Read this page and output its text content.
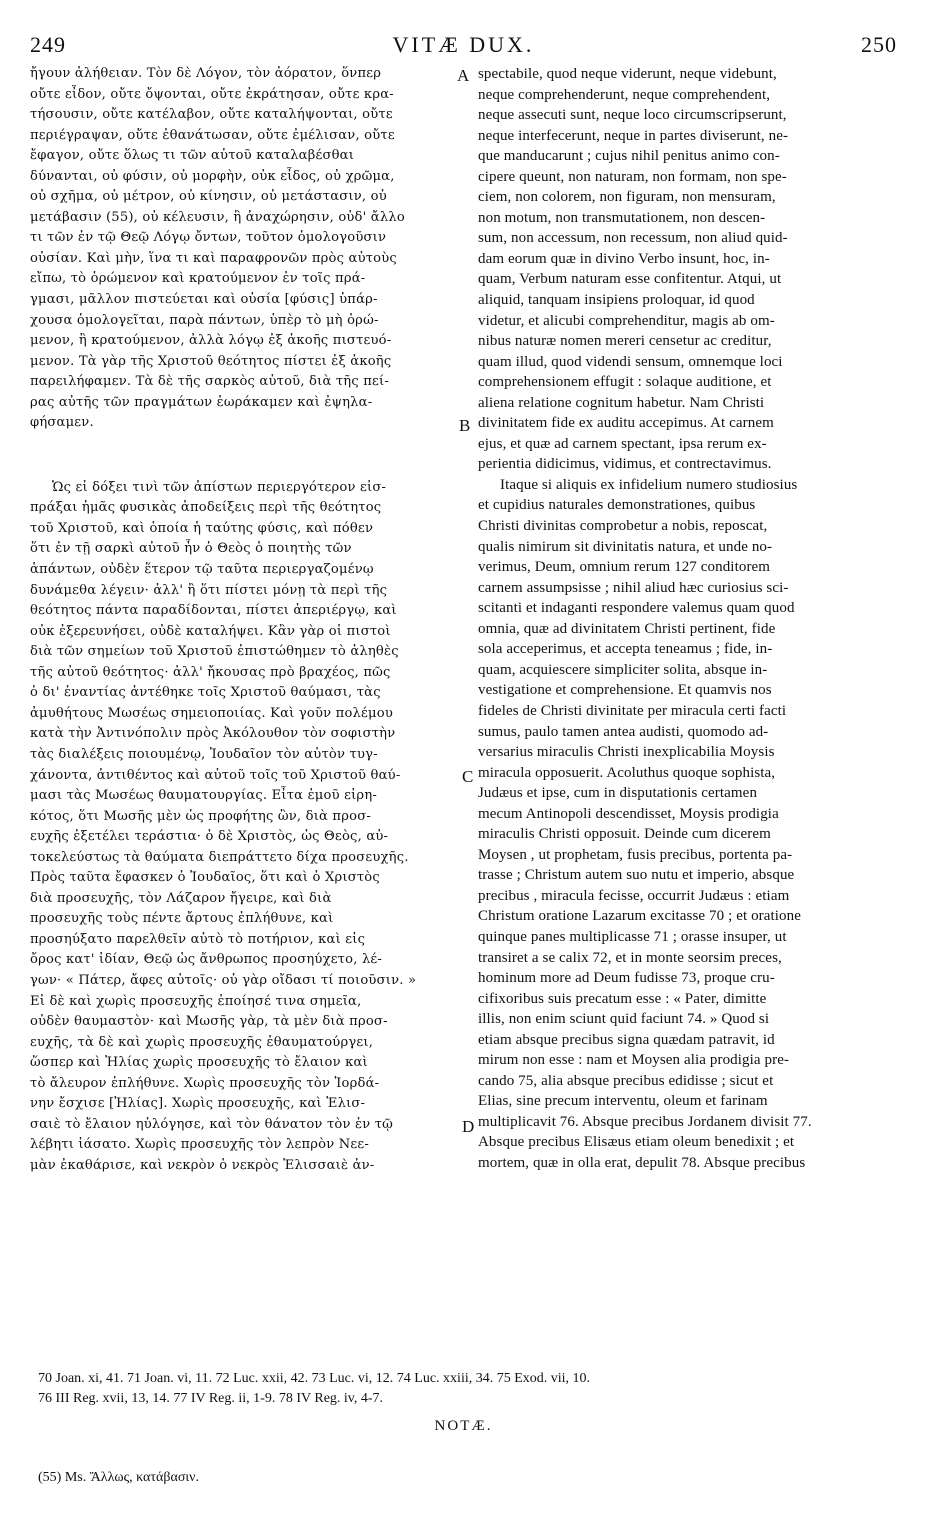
249	VITÆ DUX.	250
A
B
C
D
ἤγουν ἀλήθειαν. Τὸν δὲ Λόγον, τὸν ἀόρατον, ὅνπερ
οὔτε εἶδον, οὔτε ὄψονται, οὔτε ἐκράτησαν, οὔτε κρα-
τήσουσιν, οὔτε κατέλαβον, οὔτε καταλήψονται, οὔτε
περιέγραψαν, οὔτε ἐθανάτωσαν, οὔτε ἐμέλισαν, οὔτε
ἔφαγον, οὔτε ὅλως τι τῶν αὐτοῦ καταλαβέσθαι
δύνανται, οὐ φύσιν, οὐ μορφὴν, οὐκ εἶδος, οὐ χρῶμα,
οὐ σχῆμα, οὐ μέτρον, οὐ κίνησιν, οὐ μετάστασιν, οὐ
μετάβασιν (55), οὐ κέλευσιν, ἢ ἀναχώρησιν, οὐδ' ἄλλο
τι τῶν ἐν τῷ Θεῷ Λόγῳ ὄντων, τοῦτον ὁμολογοῦσιν
οὐσίαν. Καὶ μὴν, ἵνα τι καὶ παραφρονῶν πρὸς αὐτοὺς
εἴπω, τὸ ὁρώμενον καὶ κρατούμενον ἐν τοῖς πρά-
γμασι, μᾶλλον πιστεύεται καὶ οὐσία [φύσις] ὑπάρ-
χουσα ὁμολογεῖται, παρὰ πάντων, ὑπὲρ τὸ μὴ ὁρώ-
μενον, ἢ κρατούμενον, ἀλλὰ λόγῳ ἐξ ἀκοῆς πιστευό-
μενον. Τὰ γὰρ τῆς Χριστοῦ θεότητος πίστει ἐξ ἀκοῆς
παρειλήφαμεν. Τὰ δὲ τῆς σαρκὸς αὐτοῦ, διὰ τῆς πεί-
ρας αὐτῆς τῶν πραγμάτων ἑωράκαμεν καὶ ἐψηλα-
φήσαμεν.
Ὡς εἰ δόξει τινὶ τῶν ἀπίστων περιεργότερον εἰσ-
πράξαι ἡμᾶς φυσικὰς ἀποδείξεις περὶ τῆς θεότητος
τοῦ Χριστοῦ, καὶ ὁποία ἡ ταύτης φύσις, καὶ πόθεν
ὅτι ἐν τῇ σαρκὶ αὐτοῦ ἦν ὁ Θεὸς ὁ ποιητὴς τῶν
ἁπάντων, οὐδὲν ἕτερον τῷ ταῦτα περιεργαζομένῳ
δυνάμεθα λέγειν· ἀλλ' ἢ ὅτι πίστει μόνῃ τὰ περὶ τῆς
θεότητος πάντα παραδίδονται, πίστει ἀπεριέργῳ, καὶ
οὐκ ἐξερευνήσει, οὐδὲ καταλήψει. Κἂν γὰρ οἱ πιστοὶ
διὰ τῶν σημείων τοῦ Χριστοῦ ἐπιστώθημεν τὸ ἀληθὲς
τῆς αὐτοῦ θεότητος· ἀλλ' ἤκουσας πρὸ βραχέος, πῶς
ὁ δι' ἐναντίας ἀντέθηκε τοῖς Χριστοῦ θαύμασι, τὰς
ἀμυθήτους Μωσέως σημειοποιίας. Καὶ γοῦν πολέμου
κατὰ τὴν Ἀντινόπολιν πρὸς Ἀκόλουθον τὸν σοφιστὴν
τὰς διαλέξεις ποιουμένῳ, Ἰουδαῖον τὸν αὐτὸν τυγ-
χάνοντα, ἀντιθέντος καὶ αὐτοῦ τοῖς τοῦ Χριστοῦ θαύ-
μασι τὰς Μωσέως θαυματουργίας. Εἶτα ἐμοῦ εἰρη-
κότος, ὅτι Μωσῆς μὲν ὡς προφήτης ὢν, διὰ προσ-
ευχῆς ἐξετέλει τεράστια· ὁ δὲ Χριστὸς, ὡς Θεὸς, αὐ-
τοκελεύστως τὰ θαύματα διεπράττετο δίχα προσευχῆς.
Πρὸς ταῦτα ἔφασκεν ὁ Ἰουδαῖος, ὅτι καὶ ὁ Χριστὸς
διὰ προσευχῆς, τὸν Λάζαρον ἤγειρε, καὶ διὰ
προσευχῆς τοὺς πέντε ἄρτους ἐπλήθυνε, καὶ
προσηύξατο παρελθεῖν αὐτὸ τὸ ποτήριον, καὶ εἰς
ὄρος κατ' ἰδίαν, Θεῷ ὡς ἄνθρωπος προσηύχετο, λέ-
γων· « Πάτερ, ἄφες αὐτοῖς· οὐ γὰρ οἴδασι τί ποιοῦσιν. »
Εἰ δὲ καὶ χωρὶς προσευχῆς ἐποίησέ τινα σημεῖα,
οὐδὲν θαυμαστὸν· καὶ Μωσῆς γὰρ, τὰ μὲν διὰ προσ-
ευχῆς, τὰ δὲ καὶ χωρὶς προσευχῆς ἐθαυματούργει,
ὥσπερ καὶ Ἠλίας χωρὶς προσευχῆς τὸ ἔλαιον καὶ
τὸ ἄλευρον ἐπλήθυνε. Χωρὶς προσευχῆς τὸν Ἰορδά-
νην ἔσχισε [Ἠλίας]. Χωρὶς προσευχῆς, καὶ Ἐλισ-
σαιὲ τὸ ἔλαιον ηὐλόγησε, καὶ τὸν θάνατον τὸν ἐν τῷ
λέβητι ἰάσατο. Χωρὶς προσευχῆς τὸν λεπρὸν Νεε-
μὰν ἐκαθάρισε, καὶ νεκρὸν ὁ νεκρὸς Ἐλισσαιὲ ἀν-
spectabile, quod neque viderunt, neque videbunt,
neque comprehenderunt, neque comprehendent,
neque assecuti sunt, neque loco circumscripserunt,
neque interfecerunt, neque in partes diviserunt, ne-
que manducarunt ; cujus nihil penitus animo con-
cipere queunt, non naturam, non formam, non spe-
ciem, non colorem, non figuram, non mensuram,
non motum, non transmutationem, non descen-
sum, non accessum, non recessum, non aliud quid-
dam eorum quæ in divino Verbo insunt, hoc, in-
quam, Verbum naturam esse confitentur. Atqui, ut
aliquid, tanquam insipiens proloquar, id quod
videtur, et alicubi comprehenditur, magis ab om-
nibus naturæ nomen mereri censetur ac creditur,
quam illud, quod videndi sensum, omnemque loci
comprehensionem effugit : solaque auditione, et
aliena relatione cognitum habetur. Nam Christi
divinitatem fide ex auditu accepimus. At carnem
ejus, et quæ ad carnem spectant, ipsa rerum ex-
perientia didicimus, vidimus, et contrectavimus.
Itaque si aliquis ex infidelium numero studiosius
et cupidius naturales demonstrationes, quibus
Christi divinitas comprobetur a nobis, reposcat,
qualis nimirum sit divinitatis natura, et unde no-
verimus, Deum, omnium rerum 127 conditorem
carnem assumpsisse ; nihil aliud hæc curiosius sci-
scitanti et indaganti respondere valemus quam quod
omnia, quæ ad divinitatem Christi pertinent, fide
sola acceperimus, et accepta teneamus ; fide, in-
quam, acquiescere simpliciter solita, absque in-
vestigatione et comprehensione. Et quamvis nos
fideles de Christi divinitate per miracula certi facti
sumus, paulo tamen antea audisti, quomodo ad-
versarius miraculis Christi inexplicabilia Moysis
miracula opposuerit. Acoluthus quoque sophista,
Judæus et ipse, cum in disputationis certamen
mecum Antinopoli descendisset, Moysis prodigia
miraculis Christi opposuit. Deinde cum dicerem
Moysen , ut prophetam, fusis precibus, portenta pa-
trasse ; Christum autem suo nutu et imperio, absque
precibus , miracula fecisse, occurrit Judæus : etiam
Christum oratione Lazarum excitasse 70 ; et oratione
quinque panes multiplicasse 71 ; orasse insuper, ut
transiret a se calix 72, et in monte seorsim preces,
hominum more ad Deum fudisse 73, proque cru-
cifixoribus suis precatum esse : « Pater, dimitte
illis, non enim sciunt quid faciunt 74. » Quod si
etiam absque precibus signa quædam patravit, id
mirum non esse : nam et Moysen alia prodigia pre-
cando 75, alia absque precibus edidisse ; sicut et
Elias, sine precum interventu, oleum et farinam
multiplicavit 76. Absque precibus Jordanem divisit 77.
Absque precibus Elisæus etiam oleum benedixit ; et
mortem, quæ in olla erat, depulit 78. Absque precibus
70 Joan. xi, 41. 71 Joan. vi, 11. 72 Luc. xxii, 42. 73 Luc. vi, 12. 74 Luc. xxiii, 34. 75 Exod. vii, 10.
76 III Reg. xvii, 13, 14. 77 IV Reg. ii, 1-9. 78 IV Reg. iv, 4-7.
NOTÆ.
(55) Ms. Ἄλλως, κατάβασιν.
